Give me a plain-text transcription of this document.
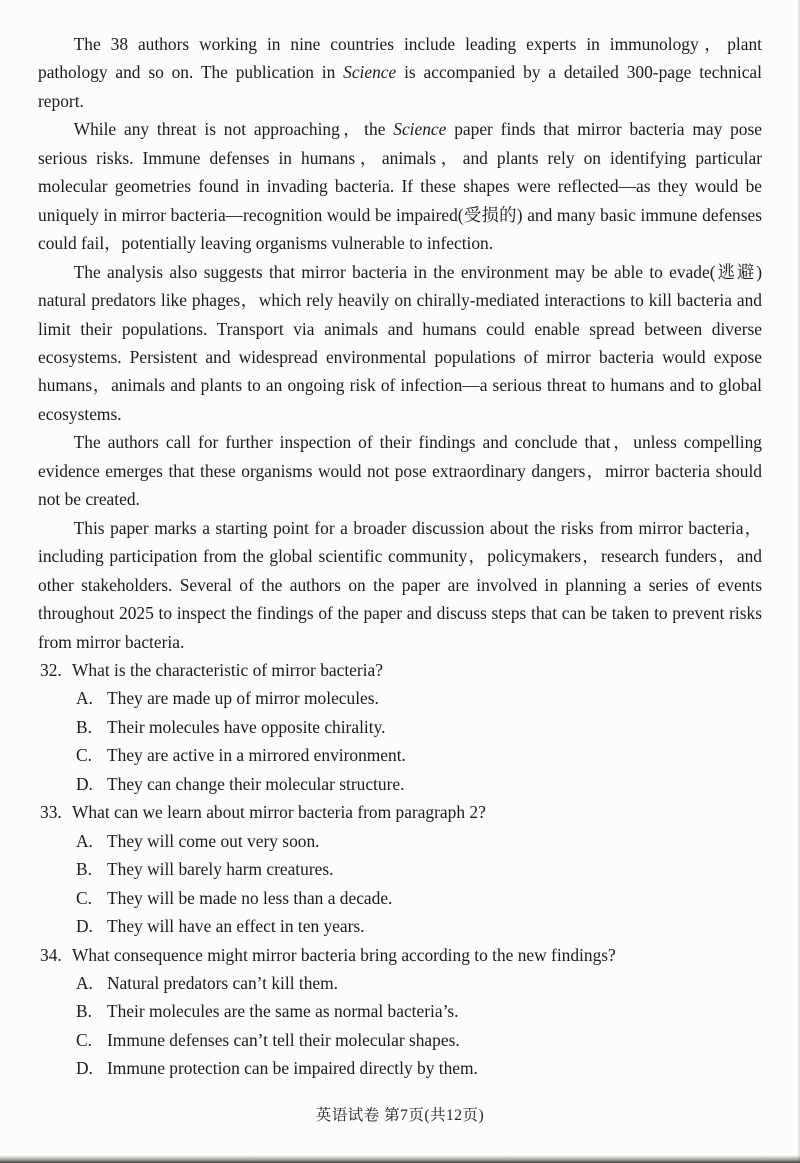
The 38 authors working in nine countries include leading experts in immunology，plant pathology and so on. The publication in Science is accompanied by a detailed 300-page technical report.

While any threat is not approaching，the Science paper finds that mirror bacteria may pose serious risks. Immune defenses in humans，animals，and plants rely on identifying particular molecular geometries found in invading bacteria. If these shapes were reflected—as they would be uniquely in mirror bacteria—recognition would be impaired(受损的) and many basic immune defenses could fail，potentially leaving organisms vulnerable to infection.

The analysis also suggests that mirror bacteria in the environment may be able to evade(逃避) natural predators like phages，which rely heavily on chirally-mediated interactions to kill bacteria and limit their populations. Transport via animals and humans could enable spread between diverse ecosystems. Persistent and widespread environmental populations of mirror bacteria would expose humans，animals and plants to an ongoing risk of infection—a serious threat to humans and to global ecosystems.

The authors call for further inspection of their findings and conclude that，unless compelling evidence emerges that these organisms would not pose extraordinary dangers，mirror bacteria should not be created.

This paper marks a starting point for a broader discussion about the risks from mirror bacteria，including participation from the global scientific community，policymakers，research funders，and other stakeholders. Several of the authors on the paper are involved in planning a series of events throughout 2025 to inspect the findings of the paper and discuss steps that can be taken to prevent risks from mirror bacteria.

32. What is the characteristic of mirror bacteria?
A. They are made up of mirror molecules.
B. Their molecules have opposite chirality.
C. They are active in a mirrored environment.
D. They can change their molecular structure.
33. What can we learn about mirror bacteria from paragraph 2?
A. They will come out very soon.
B. They will barely harm creatures.
C. They will be made no less than a decade.
D. They will have an effect in ten years.
34. What consequence might mirror bacteria bring according to the new findings?
A. Natural predators can’t kill them.
B. Their molecules are the same as normal bacteria’s.
C. Immune defenses can’t tell their molecular shapes.
D. Immune protection can be impaired directly by them.
英语试卷 第7页(共12页)
